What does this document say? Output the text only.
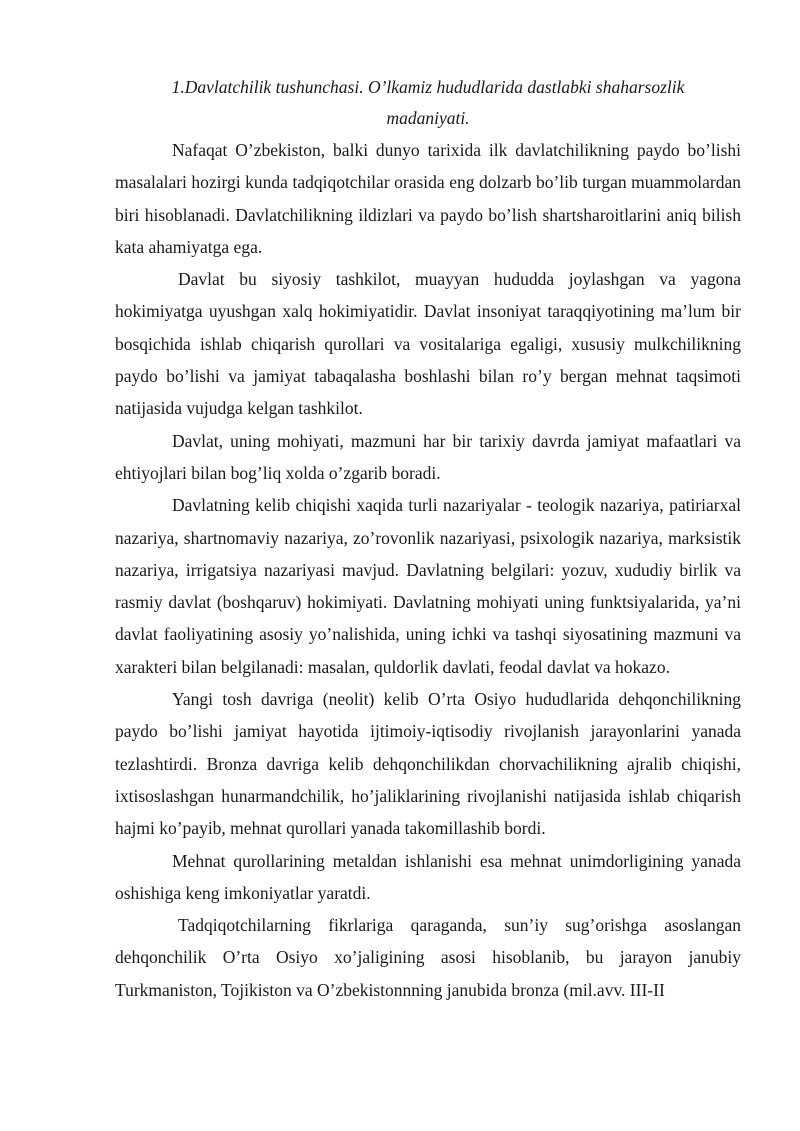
1.Davlatchilik tushunchasi. O’lkamiz hududlarida dastlabki shaharsozlik
madaniyati.

Nafaqat O’zbekiston, balki dunyo tarixida ilk davlatchilikning paydo bo’lishi masalalari hozirgi kunda tadqiqotchilar orasida eng dolzarb bo’lib turgan muammolardan biri hisoblanadi. Davlatchilikning ildizlari va paydo bo’lish shartsharoitlarini aniq bilish kata ahamiyatga ega.

Davlat bu siyosiy tashkilot, muayyan hududda joylashgan va yagona hokimiyatga uyushgan xalq hokimiyatidir. Davlat insoniyat taraqqiyotining ma’lum bir bosqichida ishlab chiqarish qurollari va vositalariga egaligi, xususiy mulkchilikning paydo bo’lishi va jamiyat tabaqalasha boshlashi bilan ro’y bergan mehnat taqsimoti natijasida vujudga kelgan tashkilot.

Davlat, uning mohiyati, mazmuni har bir tarixiy davrda jamiyat mafaatlari va ehtiyojlari bilan bog’liq xolda o’zgarib boradi.

Davlatning kelib chiqishi xaqida turli nazariyalar - teologik nazariya, patiriarxal nazariya, shartnomaviy nazariya, zo’rovonlik nazariyasi, psixologik nazariya, marksistik nazariya, irrigatsiya nazariyasi mavjud. Davlatning belgilari: yozuv, xududiy birlik va rasmiy davlat (boshqaruv) hokimiyati. Davlatning mohiyati uning funktsiyalarida, ya’ni davlat faoliyatining asosiy yo’nalishida, uning ichki va tashqi siyosatining mazmuni va xarakteri bilan belgilanadi: masalan, quldorlik davlati, feodal davlat va hokazo.

Yangi tosh davriga (neolit) kelib O’rta Osiyo hududlarida dehqonchilikning paydo bo’lishi jamiyat hayotida ijtimoiy-iqtisodiy rivojlanish jarayonlarini yanada tezlashtirdi. Bronza davriga kelib dehqonchilikdan chorvachilikning ajralib chiqishi, ixtisoslashgan hunarmandchilik, ho’jaliklarining rivojlanishi natijasida ishlab chiqarish hajmi ko’payib, mehnat qurollari yanada takomillashib bordi.

Mehnat qurollarining metaldan ishlanishi esa mehnat unimdorligining yanada oshishiga keng imkoniyatlar yaratdi.

Tadqiqotchilarning fikrlariga qaraganda, sun’iy sug’orishga asoslangan dehqonchilik O’rta Osiyo xo’jaligining asosi hisoblanib, bu jarayon janubiy Turkmaniston, Tojikiston va O’zbekistonnning janubida bronza (mil.avv. III-II
